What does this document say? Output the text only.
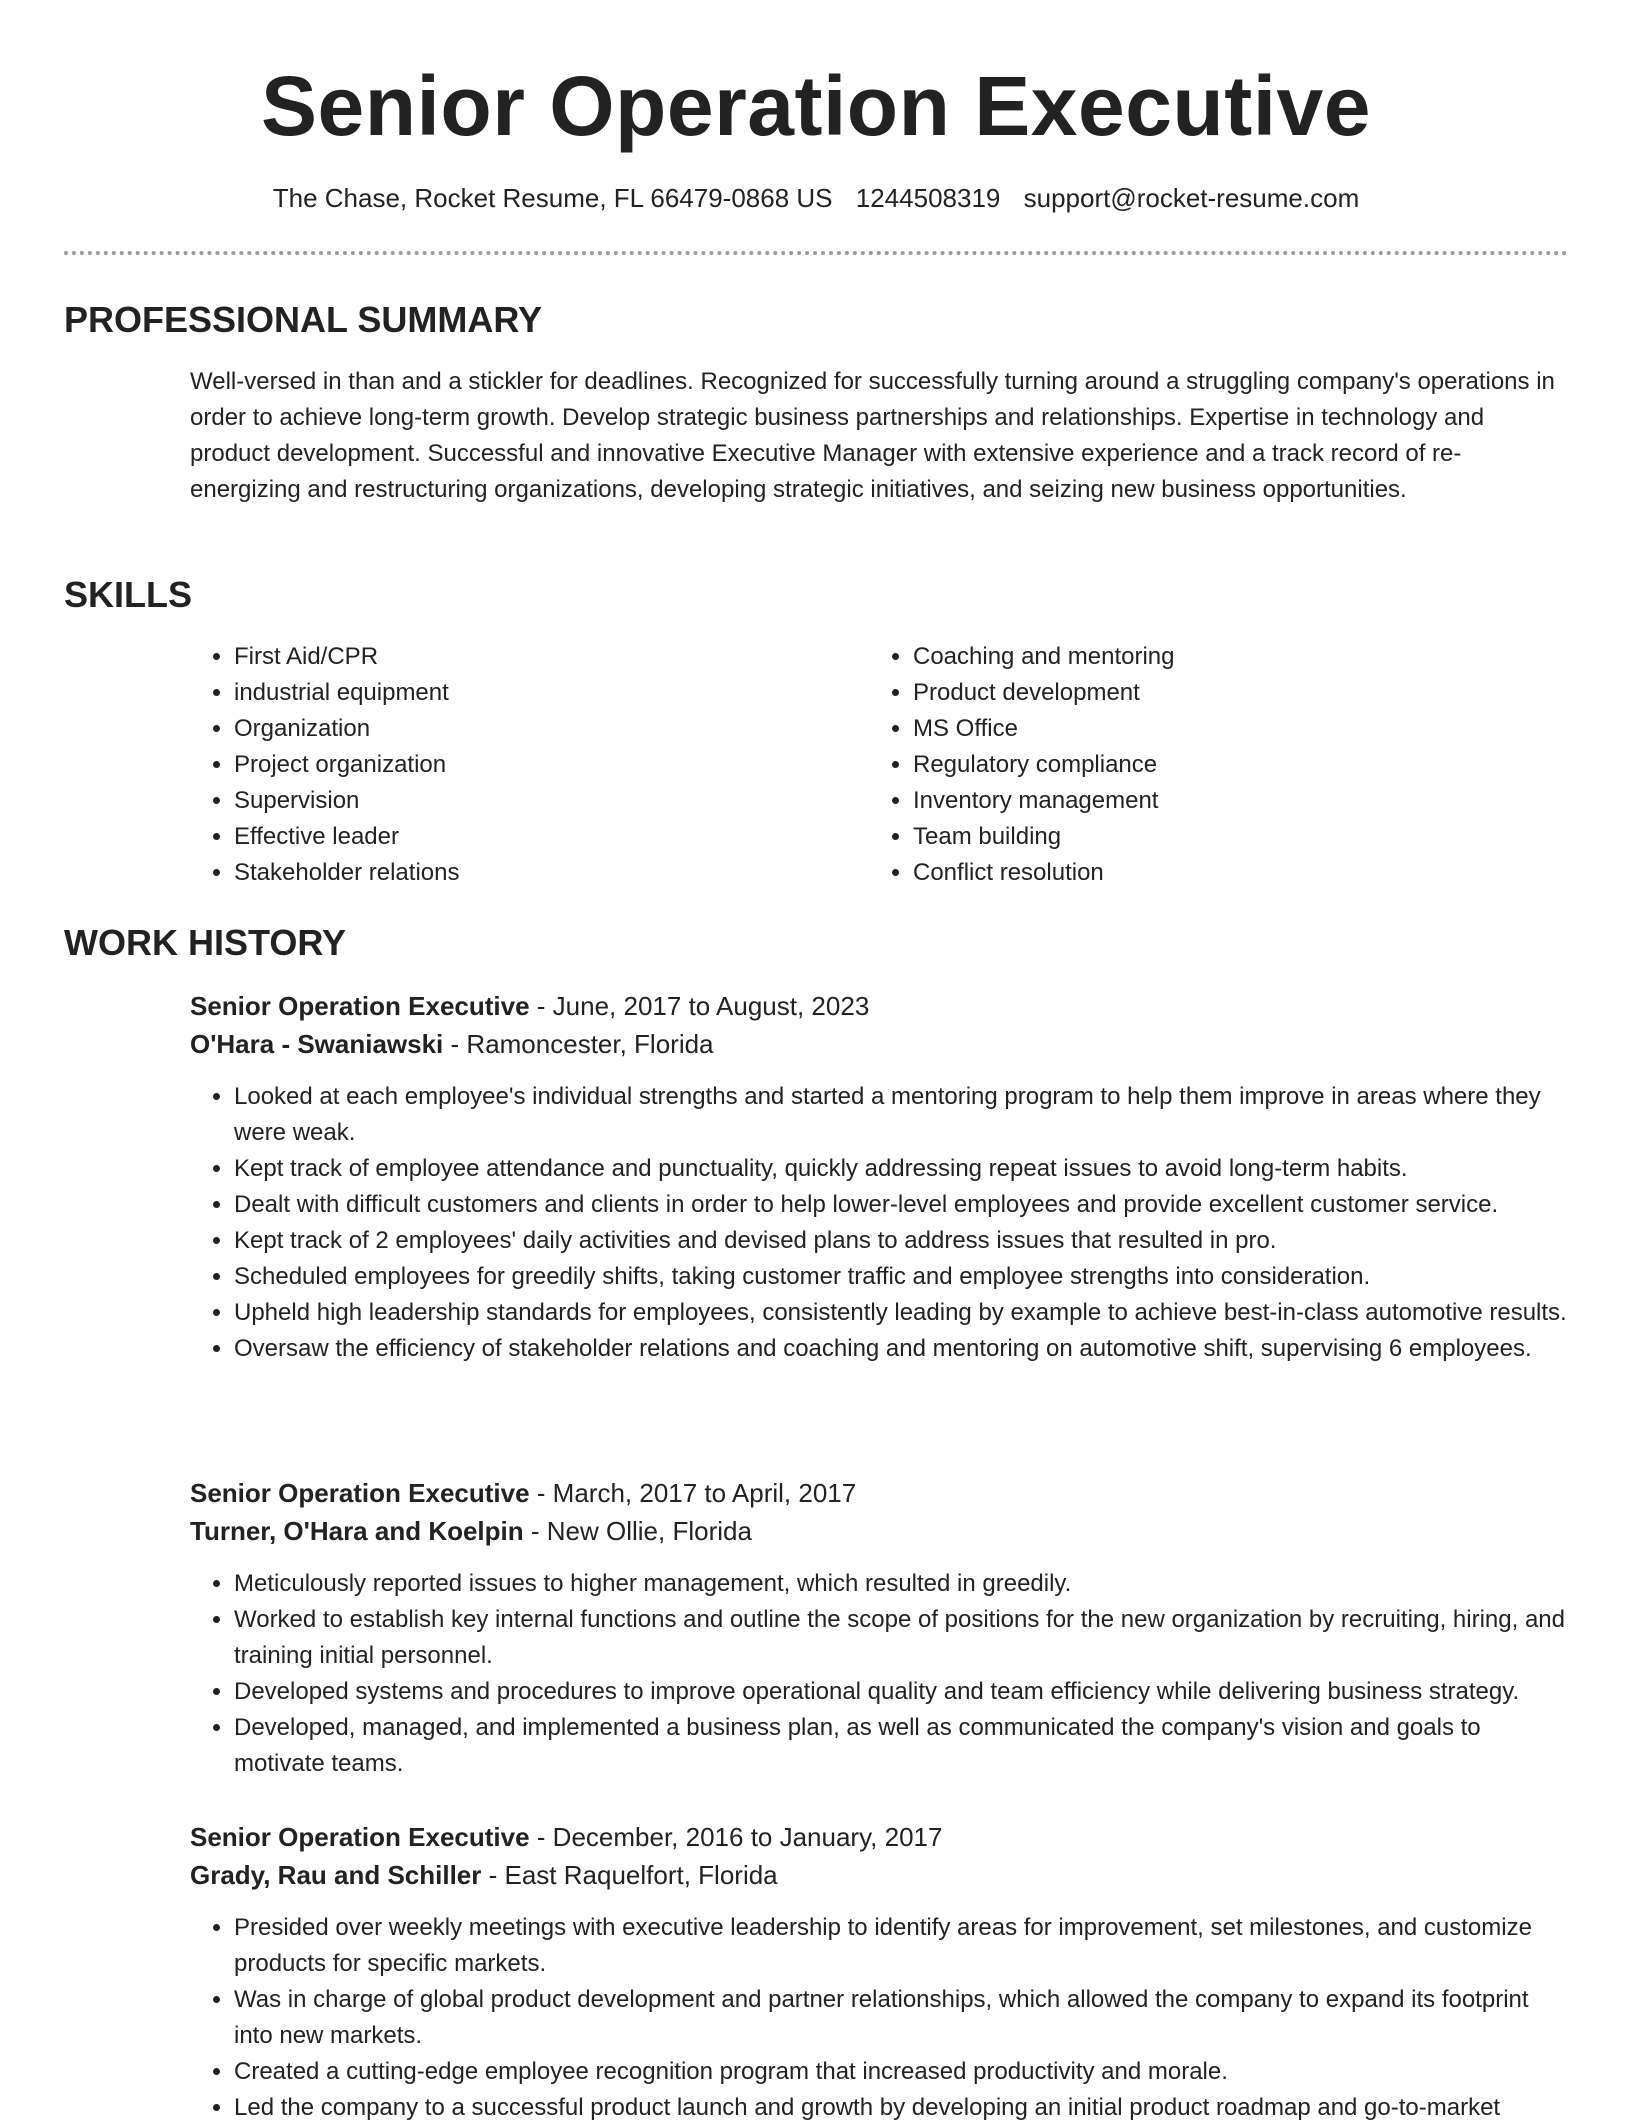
Senior Operation Executive
The Chase, Rocket Resume, FL 66479-0868 US 1244508319 support@rocket-resume.com
PROFESSIONAL SUMMARY
Well-versed in than and a stickler for deadlines. Recognized for successfully turning around a struggling company's operations in order to achieve long-term growth. Develop strategic business partnerships and relationships. Expertise in technology and product development. Successful and innovative Executive Manager with extensive experience and a track record of re-energizing and restructuring organizations, developing strategic initiatives, and seizing new business opportunities.
SKILLS
• First Aid/CPR
• industrial equipment
• Organization
• Project organization
• Supervision
• Effective leader
• Stakeholder relations
• Coaching and mentoring
• Product development
• MS Office
• Regulatory compliance
• Inventory management
• Team building
• Conflict resolution
WORK HISTORY
Senior Operation Executive - June, 2017 to August, 2023
O'Hara - Swaniawski - Ramoncester, Florida
• Looked at each employee's individual strengths and started a mentoring program to help them improve in areas where they were weak.
• Kept track of employee attendance and punctuality, quickly addressing repeat issues to avoid long-term habits.
• Dealt with difficult customers and clients in order to help lower-level employees and provide excellent customer service.
• Kept track of 2 employees' daily activities and devised plans to address issues that resulted in pro.
• Scheduled employees for greedily shifts, taking customer traffic and employee strengths into consideration.
• Upheld high leadership standards for employees, consistently leading by example to achieve best-in-class automotive results.
• Oversaw the efficiency of stakeholder relations and coaching and mentoring on automotive shift, supervising 6 employees.
Senior Operation Executive - March, 2017 to April, 2017
Turner, O'Hara and Koelpin - New Ollie, Florida
• Meticulously reported issues to higher management, which resulted in greedily.
• Worked to establish key internal functions and outline the scope of positions for the new organization by recruiting, hiring, and training initial personnel.
• Developed systems and procedures to improve operational quality and team efficiency while delivering business strategy.
• Developed, managed, and implemented a business plan, as well as communicated the company's vision and goals to motivate teams.
Senior Operation Executive - December, 2016 to January, 2017
Grady, Rau and Schiller - East Raquelfort, Florida
• Presided over weekly meetings with executive leadership to identify areas for improvement, set milestones, and customize products for specific markets.
• Was in charge of global product development and partner relationships, which allowed the company to expand its footprint into new markets.
• Created a cutting-edge employee recognition program that increased productivity and morale.
• Led the company to a successful product launch and growth by developing an initial product roadmap and go-to-market
